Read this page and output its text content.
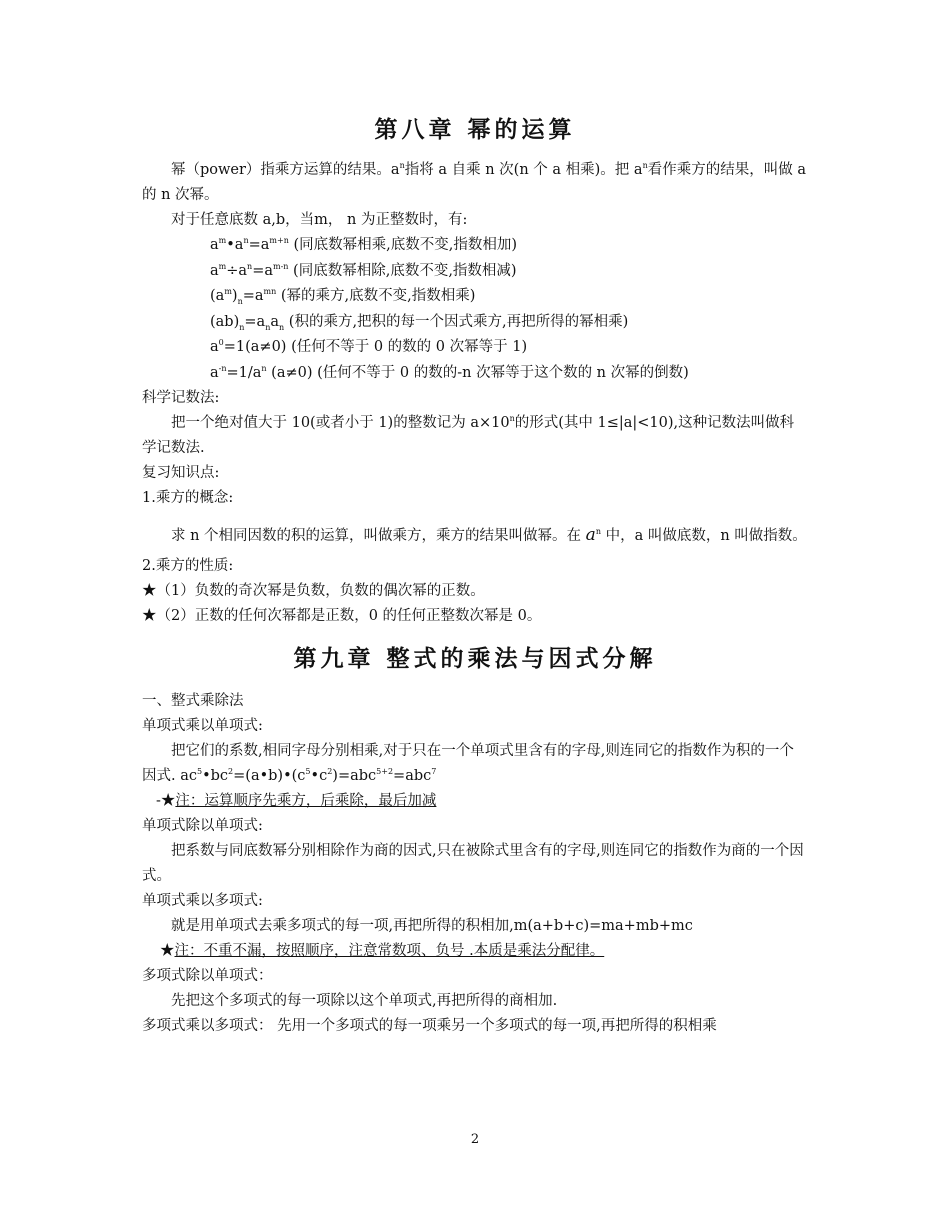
第八章 幂的运算

幂（power）指乘方运算的结果。$a^n$指将 a 自乘 n 次(n 个 a 相乘)。把 $a^n$看作乘方的结果，叫做 a 的 n 次幂。

对于任意底数 a,b，当m， n 为正整数时，有:

$a^m•a^n=a^{m+n}$ (同底数幂相乘,底数不变,指数相加)

$a^m\div a^n=a^{m-n}$ (同底数幂相除,底数不变,指数相减)

$(a^m)_n=a^{mn}$ (幂的乘方,底数不变,指数相乘)

$(ab)_n=a_na_n$ (积的乘方,把积的每一个因式乘方,再把所得的幂相乘)

$a^0=1(a\ne 0)$ (任何不等于 0 的数的 0 次幂等于 1)

$a^{-n}=1/a^n$ (a≠0) (任何不等于 0 的数的-n 次幂等于这个数的 n 次幂的倒数)

科学记数法:

把一个绝对值大于 10(或者小于 1)的整数记为 $a\times 10^n$的形式(其中 1≤|a|<10),这种记数法叫做科学记数法.

复习知识点:

1.乘方的概念:

求 n 个相同因数的积的运算，叫做乘方，乘方的结果叫做幂。在 $a^n$ 中，a 叫做底数，n 叫做指数。

2.乘方的性质:

★（1）负数的奇次幂是负数，负数的偶次幂的正数。

★（2）正数的任何次幂都是正数，0 的任何正整数次幂是 0。

第九章 整式的乘法与因式分解

一、整式乘除法

单项式乘以单项式:

把它们的系数,相同字母分别相乘,对于只在一个单项式里含有的字母,则连同它的指数作为积的一个因式. $ac^5•bc^2=(a•b)•(c^5•c^2)=abc^{5+2}=abc^7$

-★注：运算顺序先乘方，后乘除，最后加减

单项式除以单项式:

把系数与同底数幂分别相除作为商的因式,只在被除式里含有的字母,则连同它的指数作为商的一个因式。

单项式乘以多项式:

就是用单项式去乘多项式的每一项,再把所得的积相加,m(a+b+c)=ma+mb+mc

★注：不重不漏，按照顺序，注意常数项、负号 .本质是乘法分配律。

多项式除以单项式：

先把这个多项式的每一项除以这个单项式,再把所得的商相加.

多项式乘以多项式： 先用一个多项式的每一项乘另一个多项式的每一项,再把所得的积相乘

2
